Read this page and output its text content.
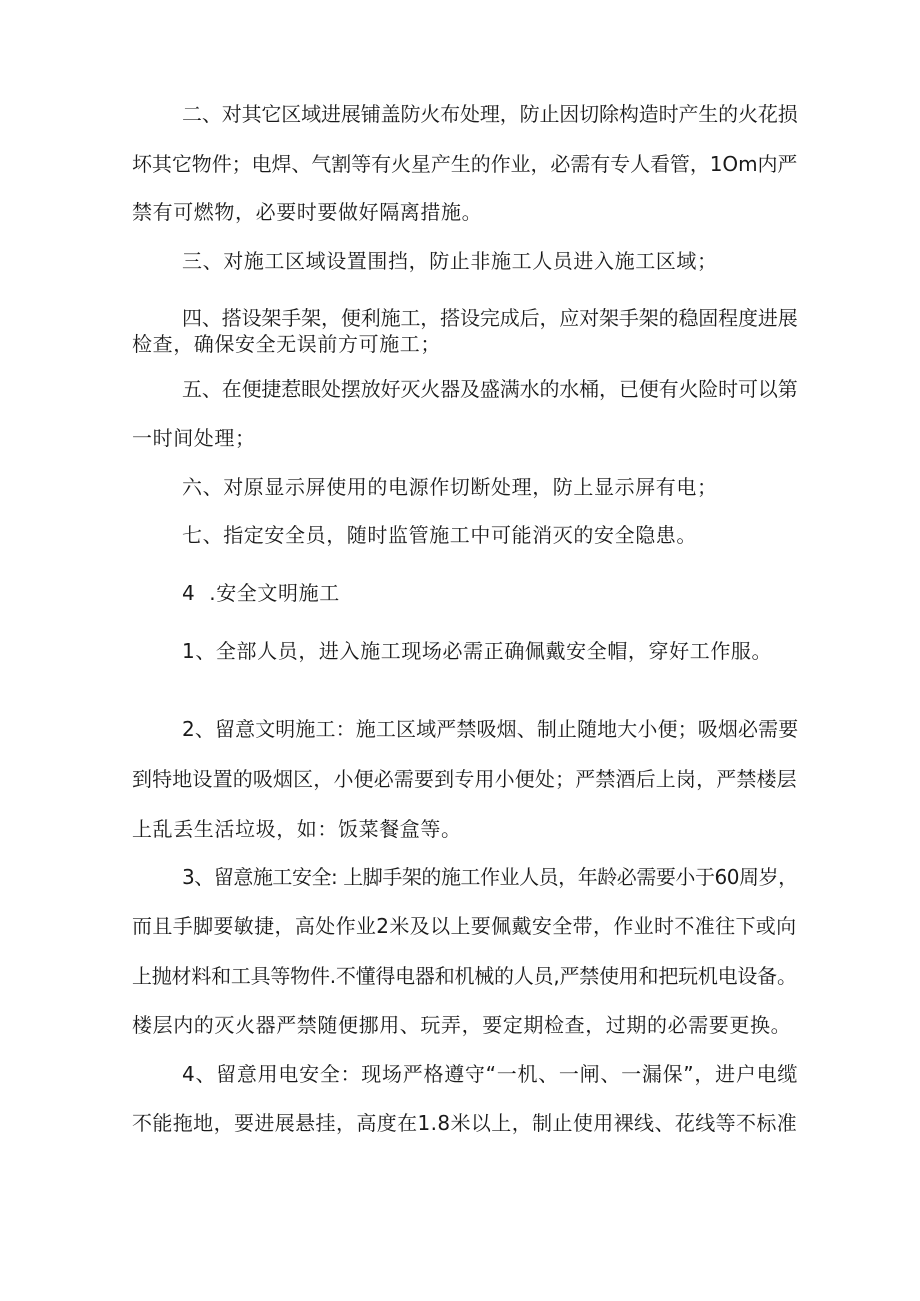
二、对其它区域进展铺盖防火布处理，防止因切除构造时产生的火花损
坏其它物件；电焊、气割等有火星产生的作业，必需有专人看管，1Om内严
禁有可燃物，必要时要做好隔离措施。
三、对施工区域设置围挡，防止非施工人员进入施工区域；
四、搭设架手架，便利施工，搭设完成后，应对架手架的稳固程度进展
检查，确保安全无误前方可施工；
五、在便捷惹眼处摆放好灭火器及盛满水的水桶，已便有火险时可以第
一时间处理；
六、对原显示屏使用的电源作切断处理，防上显示屏有电；
七、指定安全员，随时监管施工中可能消灭的安全隐患。
4  .安全文明施工
1、全部人员，进入施工现场必需正确佩戴安全帽，穿好工作服。
2、留意文明施工：施工区域严禁吸烟、制止随地大小便；吸烟必需要
到特地设置的吸烟区，小便必需要到专用小便处；严禁酒后上岗，严禁楼层
上乱丢生活垃圾，如：饭菜餐盒等。
3、留意施工安全: 上脚手架的施工作业人员，年龄必需要小于60周岁，
而且手脚要敏捷，高处作业2米及以上要佩戴安全带，作业时不准往下或向
上抛材料和工具等物件.不懂得电器和机械的人员,严禁使用和把玩机电设备。
楼层内的灭火器严禁随便挪用、玩弄，要定期检查，过期的必需要更换。
4、留意用电安全：现场严格遵守“一机、一闸、一漏保”，进户电缆
不能拖地，要进展悬挂，高度在1.8米以上，制止使用裸线、花线等不标准
